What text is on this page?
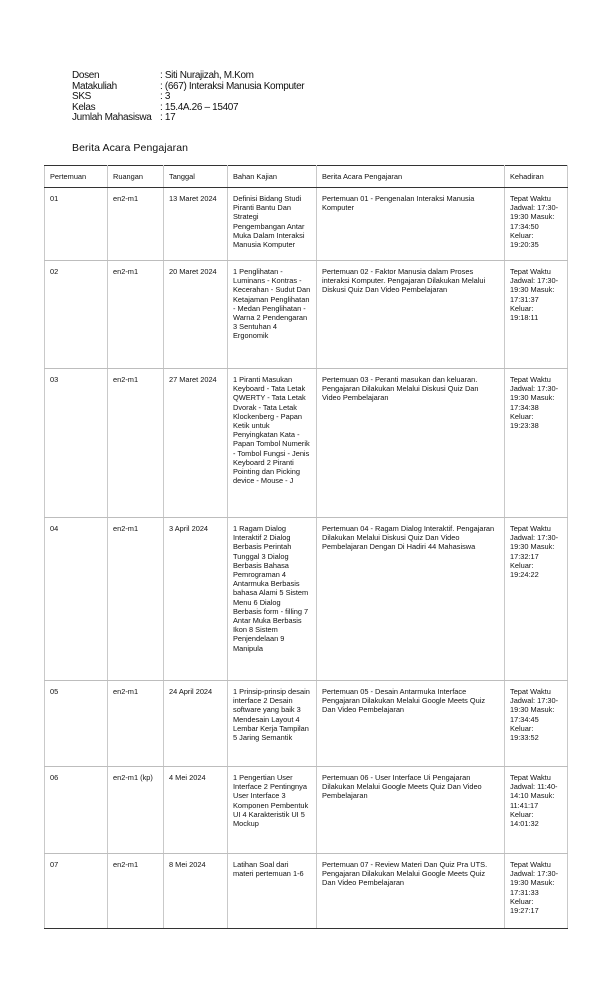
Dosen	: Siti Nurajizah, M.Kom
Matakuliah	: (667) Interaksi Manusia Komputer
SKS	: 3
Kelas	: 15.4A.26 – 15407
Jumlah Mahasiswa : 17
Berita Acara Pengajaran
Pertemuan	Ruangan	Tanggal	Bahan Kajian	Berita Acara Pengajaran	Kehadiran
01	en2-m1	13 Maret 2024	Definisi Bidang Studi Piranti Bantu Dan Strategi Pengembangan Antar Muka Dalam Interaksi Manusia Komputer	Pertemuan 01 - Pengenalan Interaksi Manusia Komputer	Tepat Waktu Jadwal: 17:30-19:30 Masuk: 17:34:50 Keluar: 19:20:35
02	en2-m1	20 Maret 2024	1 Penglihatan - Luminans - Kontras - Kecerahan - Sudut Dan Ketajaman Penglihatan - Medan Penglihatan - Warna 2 Pendengaran 3 Sentuhan 4 Ergonomik	Pertemuan 02 - Faktor Manusia dalam Proses interaksi Komputer. Pengajaran Dilakukan Melalui Diskusi Quiz Dan Video Pembelajaran	Tepat Waktu Jadwal: 17:30-19:30 Masuk: 17:31:37 Keluar: 19:18:11
03	en2-m1	27 Maret 2024	1 Piranti Masukan Keyboard - Tata Letak QWERTY - Tata Letak Dvorak - Tata Letak Klockenberg - Papan Ketik untuk Penyingkatan Kata - Papan Tombol Numerik - Tombol Fungsi - Jenis Keyboard 2 Piranti Pointing dan Picking device - Mouse - J	Pertemuan 03 - Peranti masukan dan keluaran. Pengajaran Dilakukan Melalui Diskusi Quiz Dan Video Pembelajaran	Tepat Waktu Jadwal: 17:30-19:30 Masuk: 17:34:38 Keluar: 19:23:38
04	en2-m1	3 April 2024	1 Ragam Dialog Interaktif 2 Dialog Berbasis Perintah Tunggal 3 Dialog Berbasis Bahasa Pemrograman 4 Antarmuka Berbasis bahasa Alami 5 Sistem Menu 6 Dialog Berbasis form - filling 7 Antar Muka Berbasis Ikon 8 Sistem Penjendelaan 9 Manipula	Pertemuan 04 - Ragam Dialog Interaktif. Pengajaran Dilakukan Melalui Diskusi Quiz Dan Video Pembelajaran Dengan Di Hadiri 44 Mahasiswa	Tepat Waktu Jadwal: 17:30-19:30 Masuk: 17:32:17 Keluar: 19:24:22
05	en2-m1	24 April 2024	1 Prinsip-prinsip desain interface 2 Desain software yang baik 3 Mendesain Layout 4 Lembar Kerja Tampilan 5 Jaring Semantik	Pertemuan 05 - Desain Antarmuka Interface Pengajaran Dilakukan Melalui Google Meets Quiz Dan Video Pembelajaran	Tepat Waktu Jadwal: 17:30-19:30 Masuk: 17:34:45 Keluar: 19:33:52
06	en2-m1 (kp)	4 Mei 2024	1 Pengertian User Interface 2 Pentingnya User Interface 3 Komponen Pembentuk UI 4 Karakteristik UI 5 Mockup	Pertemuan 06 - User Interface Ui Pengajaran Dilakukan Melalui Google Meets Quiz Dan Video Pembelajaran	Tepat Waktu Jadwal: 11:40-14:10 Masuk: 11:41:17 Keluar: 14:01:32
07	en2-m1	8 Mei 2024	Latihan Soal dari materi pertemuan 1-6	Pertemuan 07 - Review Materi Dan Quiz Pra UTS. Pengajaran Dilakukan Melalui Google Meets Quiz Dan Video Pembelajaran	Tepat Waktu Jadwal: 17:30-19:30 Masuk: 17:31:33 Keluar: 19:27:17
